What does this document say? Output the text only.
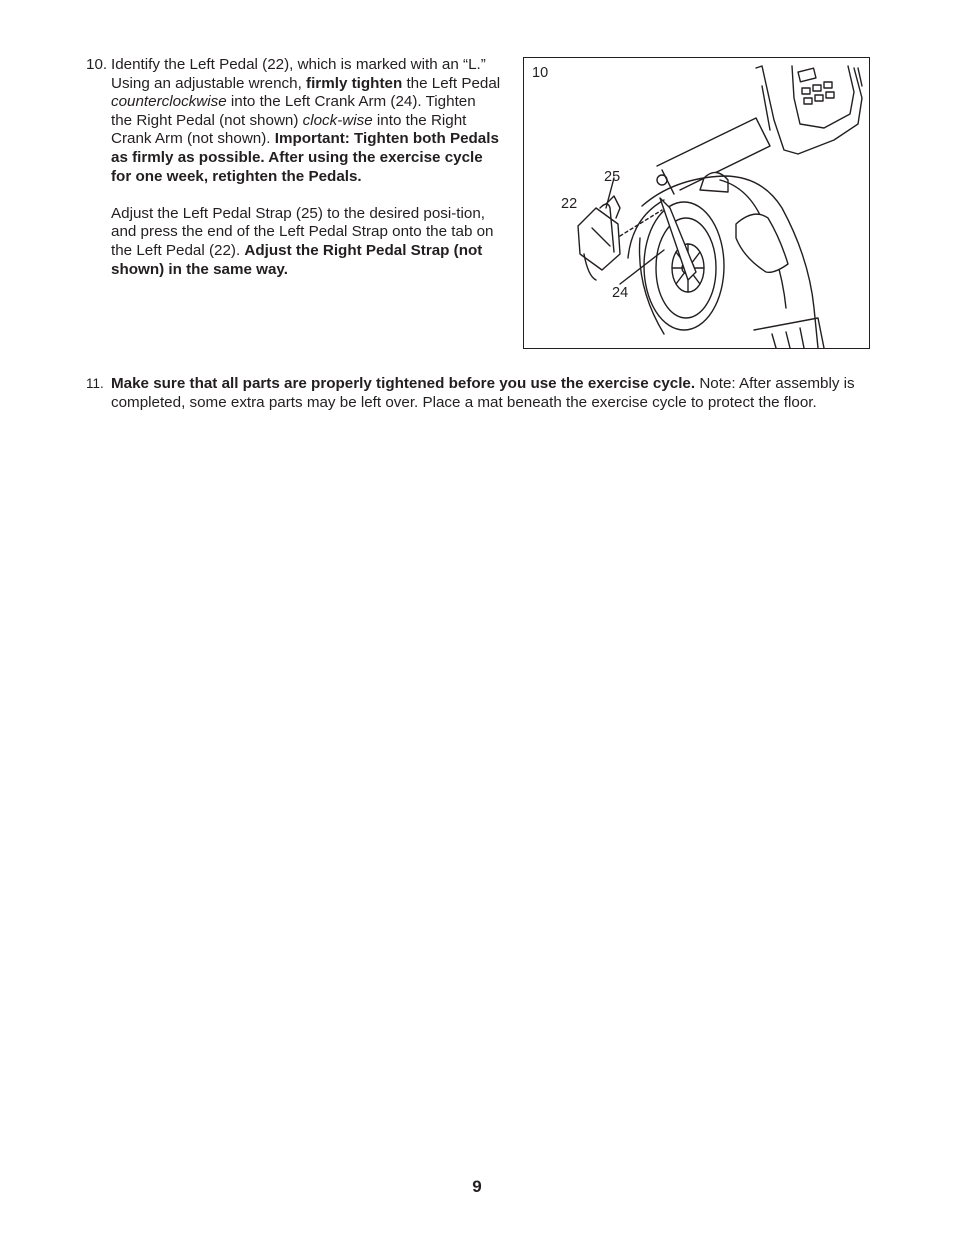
10. Identify the Left Pedal (22), which is marked with an “L.” Using an adjustable wrench, firmly tighten the Left Pedal counterclockwise into the Left Crank Arm (24). Tighten the Right Pedal (not shown) clock-wise into the Right Crank Arm (not shown). Important: Tighten both Pedals as firmly as possible. After using the exercise cycle for one week, retighten the Pedals.

Adjust the Left Pedal Strap (25) to the desired posi-tion, and press the end of the Left Pedal Strap onto the tab on the Left Pedal (22). Adjust the Right Pedal Strap (not shown) in the same way.

10
25
22
24
11. Make sure that all parts are properly tightened before you use the exercise cycle. Note: After assembly is completed, some extra parts may be left over. Place a mat beneath the exercise cycle to protect the floor.

9
